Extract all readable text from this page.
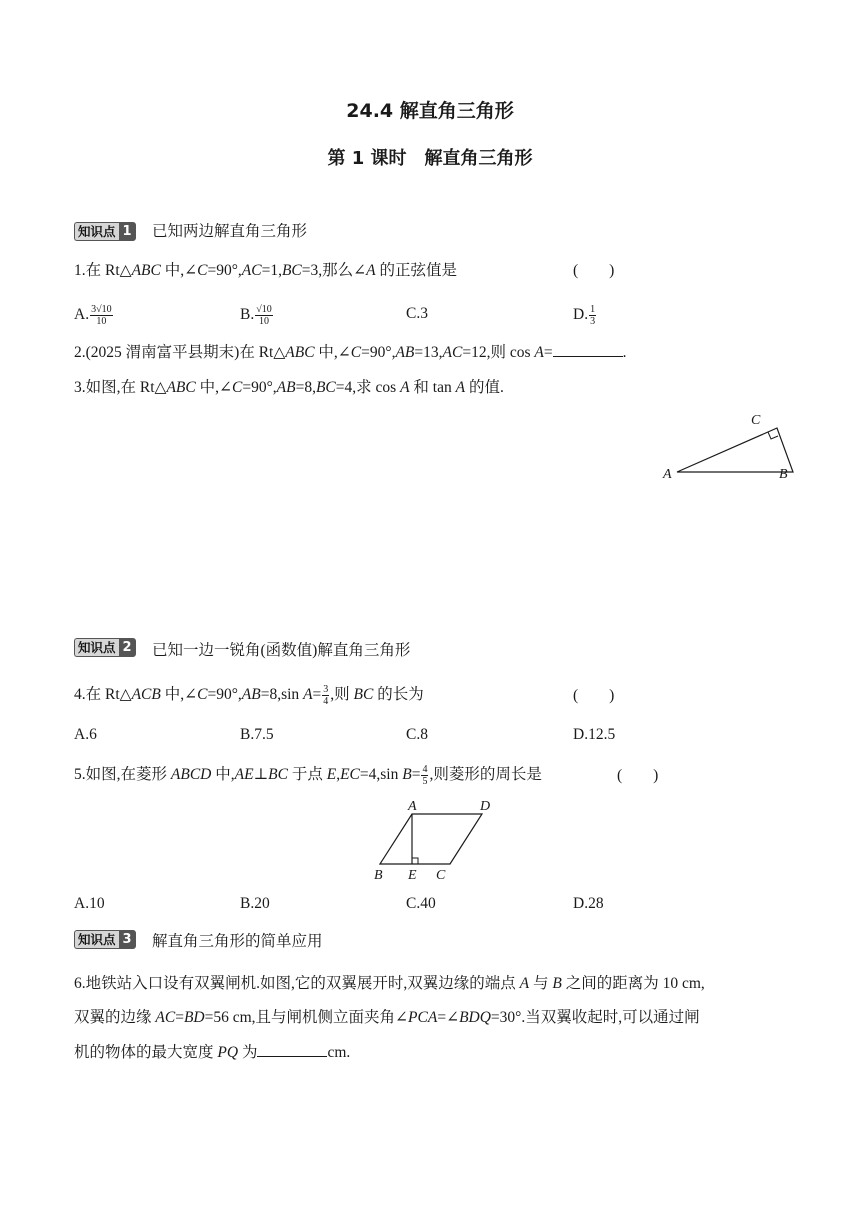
24.4 解直角三角形
第 1 课时　解直角三角形
知识点 1 已知两边解直角三角形
1.在 Rt△ABC 中,∠C=90°,AC=1,BC=3,那么∠A 的正弦值是	(　　)
A. $\frac{3√10}{10}$	B. $\frac{√10}{10}$	C.3	D. $\frac{1}{3}$
2.(2025 渭南富平县期末)在 Rt△ABC 中,∠C=90°,AB=13,AC=12,则 cos A=	.
3.如图,在 Rt△ABC 中,∠C=90°,AB=8,BC=4,求 cos A 和 tan A 的值.
A	B
C
知识点 2 已知一边一锐角(函数值)解直角三角形
4.在 Rt△ACB 中,∠C=90°,AB=8,sin $A= \frac{3}{4}$ ,则 BC 的长为	(　　)
A.6	B.7.5	C.8	D.12.5
5.如图,在菱形 ABCD 中,AE⊥BC 于点 E,EC=4,sin $B= \frac{4}{5}$ ,则菱形的周长是	(　　)
A	D
B E C
A.10	B.20	C.40	D.28
知识点 3 解直角三角形的简单应用
6.地铁站入口设有双翼闸机.如图,它的双翼展开时,双翼边缘的端点 A 与 B 之间的距离为 10 cm,
双翼的边缘 AC=BD=56 cm,且与闸机侧立面夹角∠PCA=∠BDQ=30°.当双翼收起时,可以通过闸
机的物体的最大宽度 PQ 为	cm.
